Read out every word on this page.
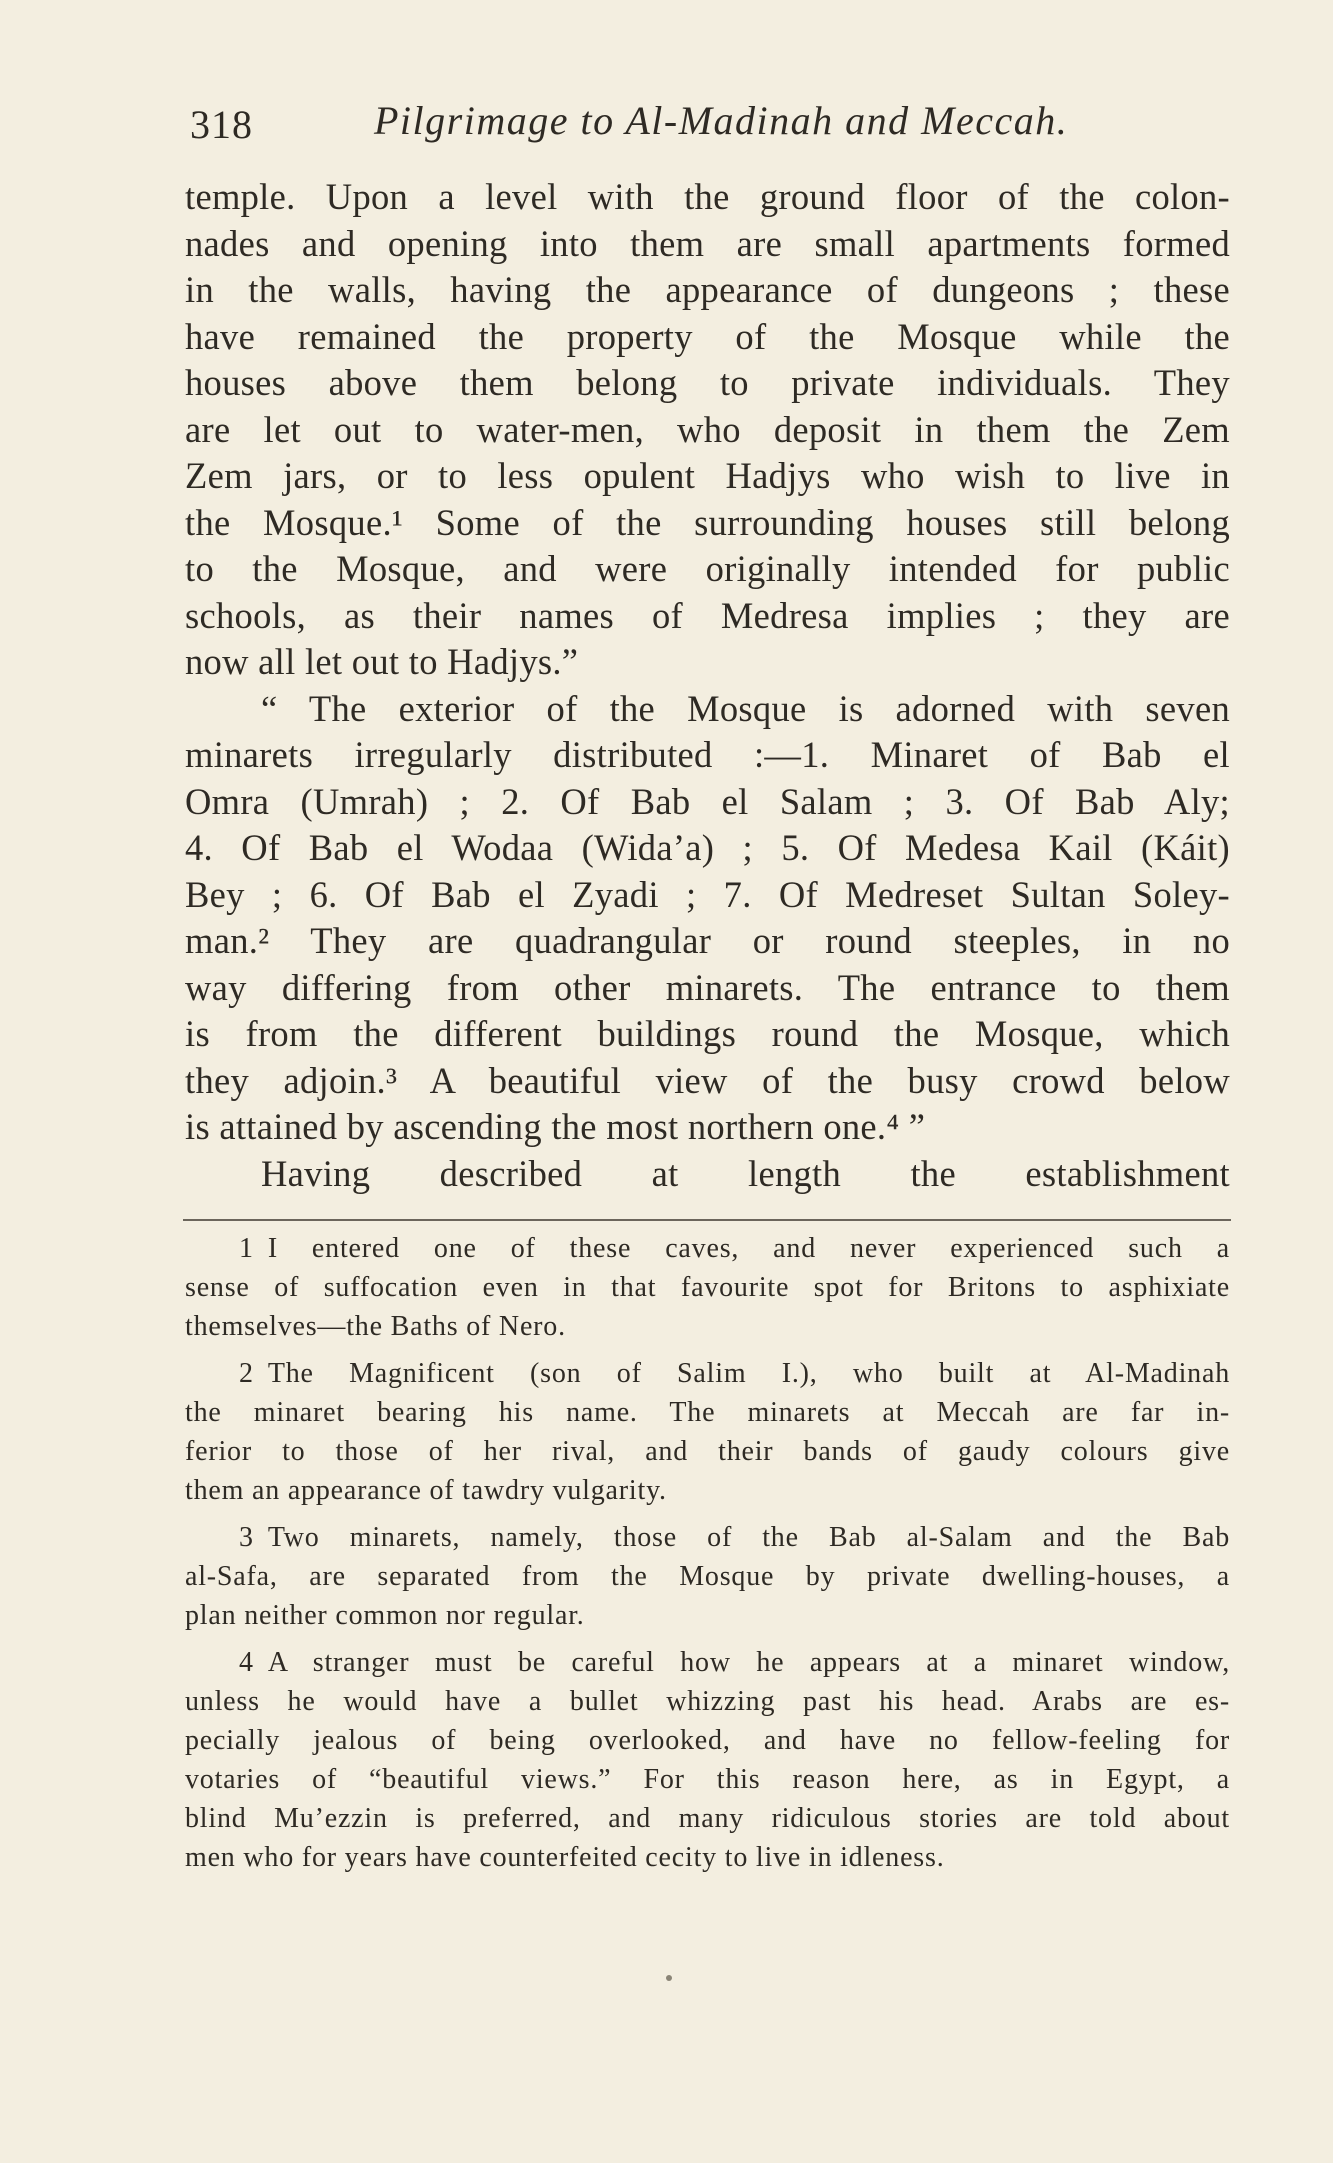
318	Pilgrimage to Al-Madinah and Meccah.
temple. Upon a level with the ground floor of the colon-
nades and opening into them are small apartments formed
in the walls, having the appearance of dungeons ; these
have remained the property of the Mosque while the
houses above them belong to private individuals. They
are let out to water-men, who deposit in them the Zem
Zem jars, or to less opulent Hadjys who wish to live in
the Mosque.¹ Some of the surrounding houses still belong
to the Mosque, and were originally intended for public
schools, as their names of Medresa implies ; they are
now all let out to Hadjys.”
“ The exterior of the Mosque is adorned with seven
minarets irregularly distributed :—1. Minaret of Bab el
Omra (Umrah) ; 2. Of Bab el Salam ; 3. Of Bab Aly;
4. Of Bab el Wodaa (Wida’a) ; 5. Of Medesa Kail (Káit)
Bey ; 6. Of Bab el Zyadi ; 7. Of Medreset Sultan Soley-
man.² They are quadrangular or round steeples, in no
way differing from other minarets. The entrance to them
is from the different buildings round the Mosque, which
they adjoin.³ A beautiful view of the busy crowd below
is attained by ascending the most northern one.⁴ ”
Having described at length the establishment
1 I entered one of these caves, and never experienced such a
sense of suffocation even in that favourite spot for Britons to asphixiate
themselves—the Baths of Nero.
2 The Magnificent (son of Salim I.), who built at Al-Madinah
the minaret bearing his name. The minarets at Meccah are far in-
ferior to those of her rival, and their bands of gaudy colours give
them an appearance of tawdry vulgarity.
3 Two minarets, namely, those of the Bab al-Salam and the Bab
al-Safa, are separated from the Mosque by private dwelling-houses, a
plan neither common nor regular.
4 A stranger must be careful how he appears at a minaret window,
unless he would have a bullet whizzing past his head. Arabs are es-
pecially jealous of being overlooked, and have no fellow-feeling for
votaries of “beautiful views.” For this reason here, as in Egypt, a
blind Mu’ezzin is preferred, and many ridiculous stories are told about
men who for years have counterfeited cecity to live in idleness.
